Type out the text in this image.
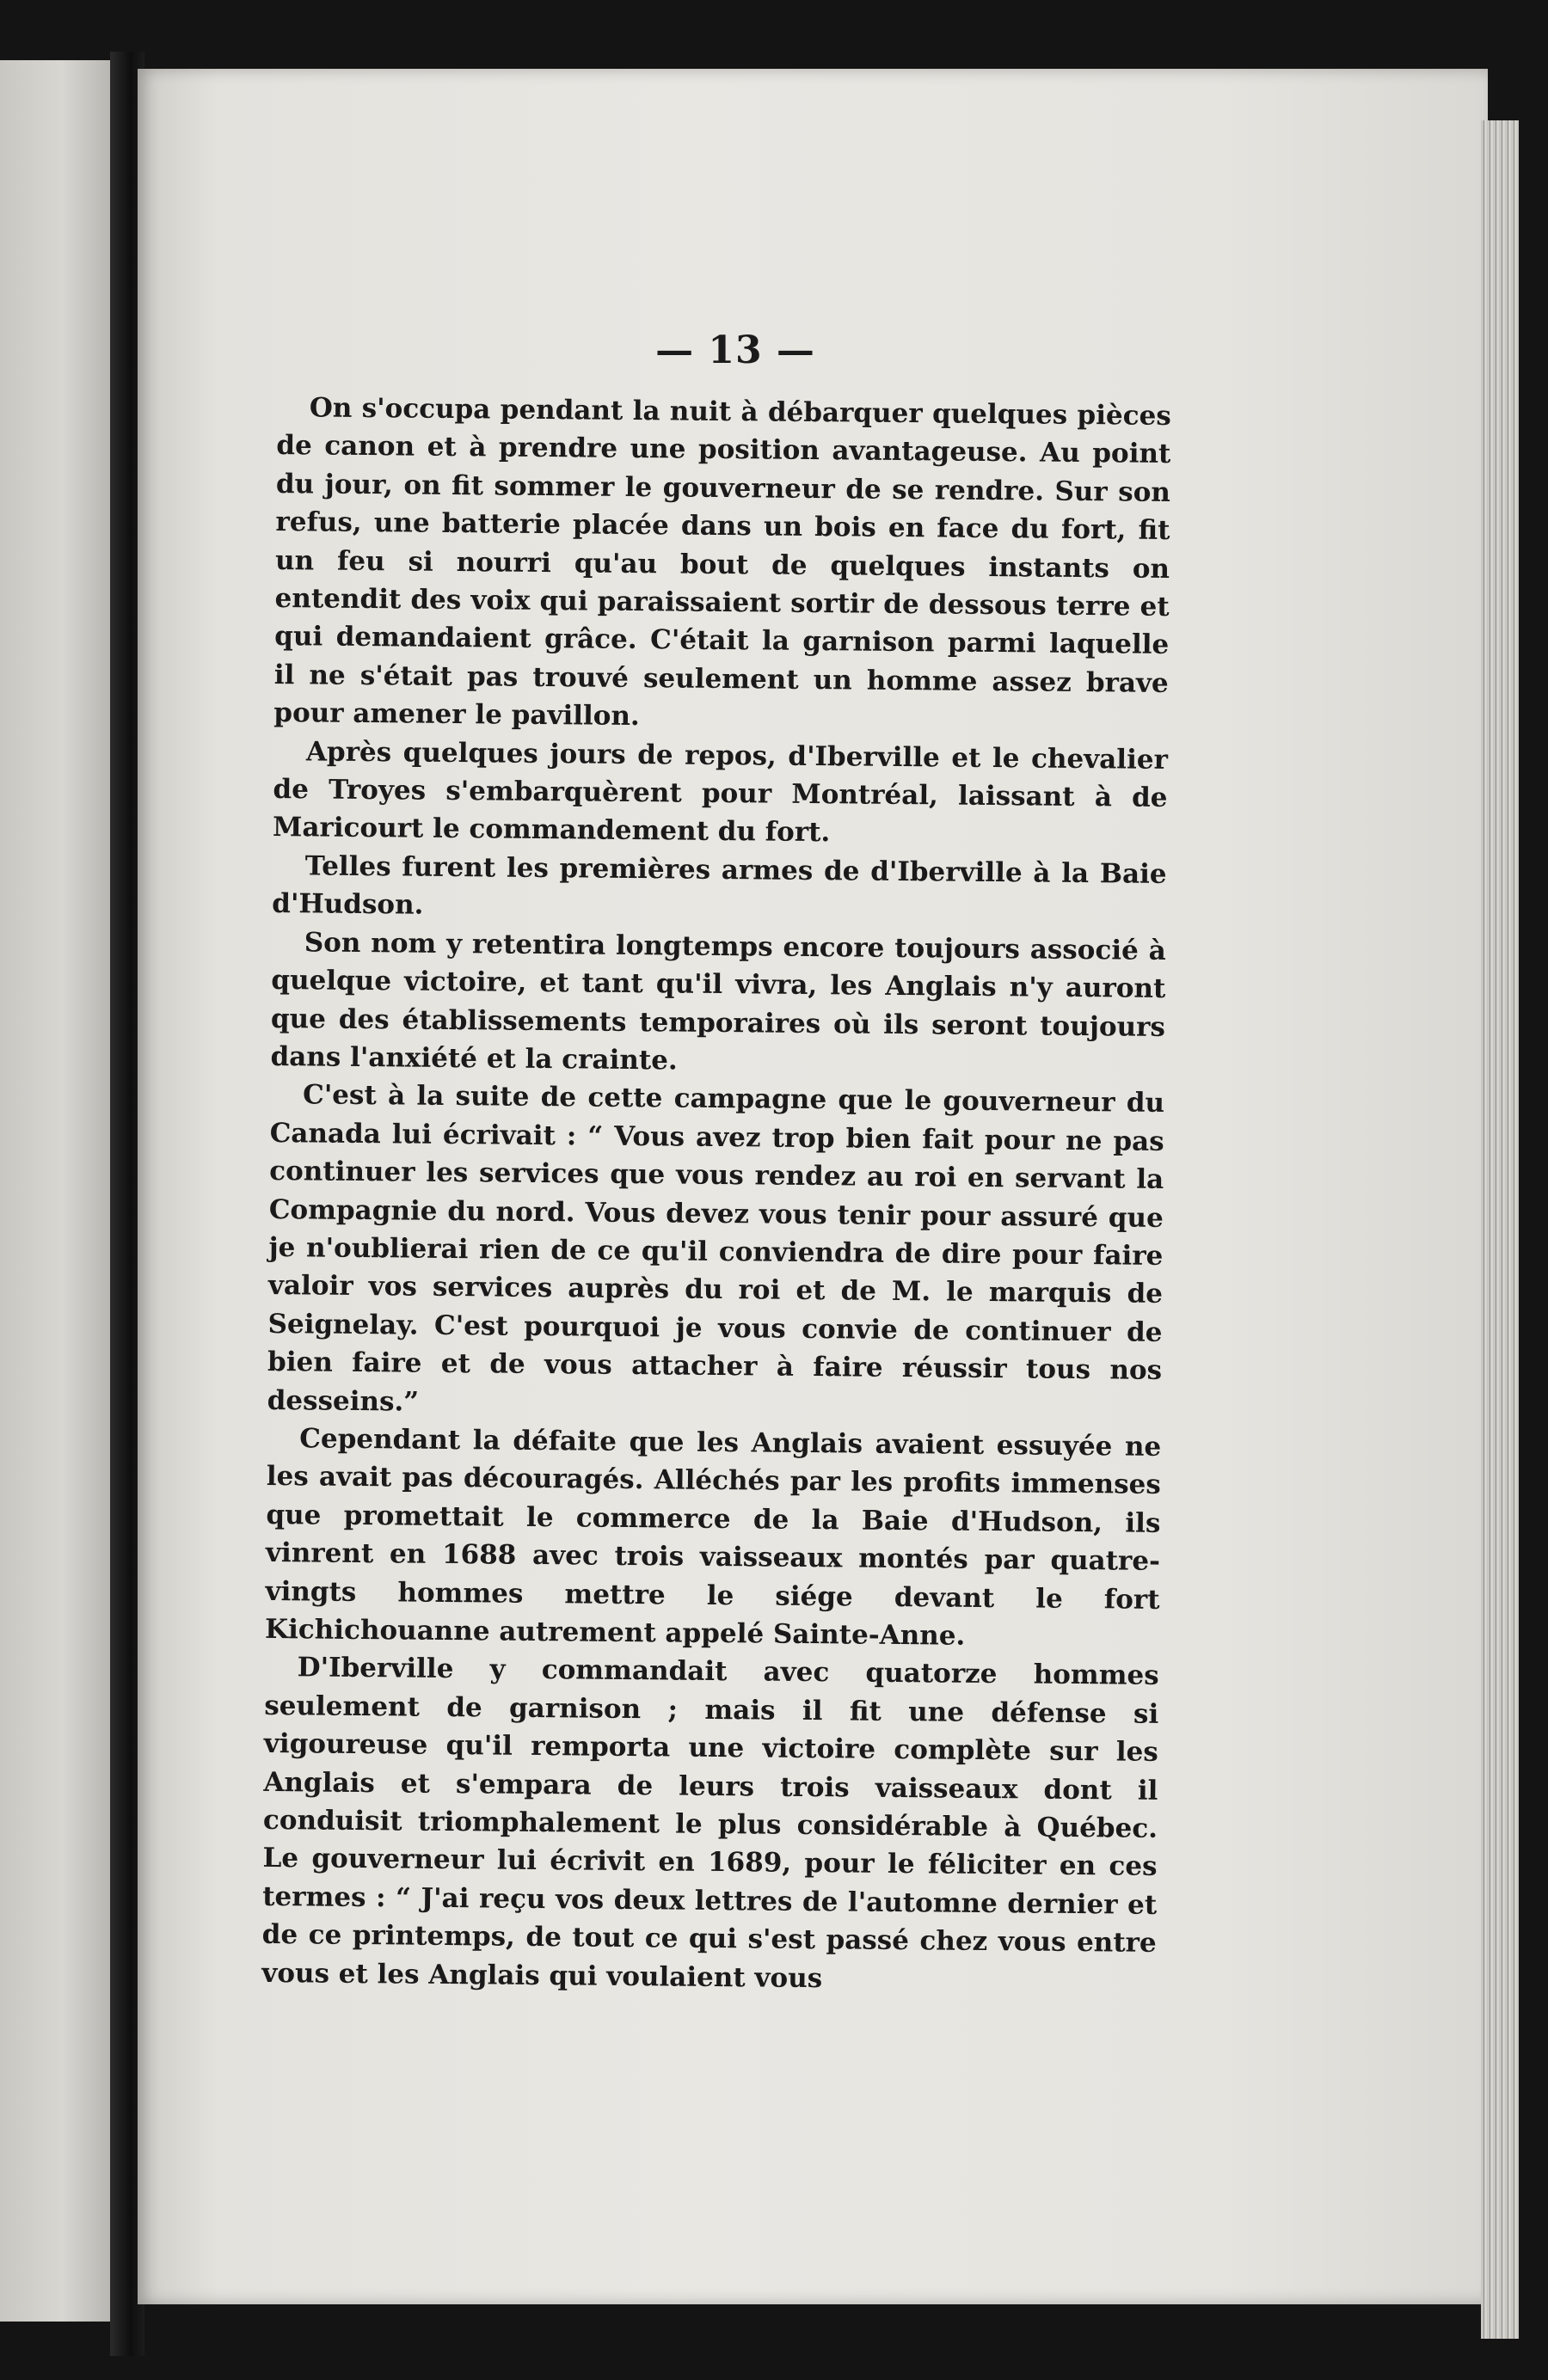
— 13 —

On s'occupa pendant la nuit à débarquer quelques pièces de canon et à prendre une position avantageuse. Au point du jour, on fit sommer le gouverneur de se rendre. Sur son refus, une batterie placée dans un bois en face du fort, fit un feu si nourri qu'au bout de quelques instants on entendit des voix qui paraissaient sortir de dessous terre et qui demandaient grâce. C'était la garnison parmi laquelle il ne s'était pas trouvé seulement un homme assez brave pour amener le pavillon.

Après quelques jours de repos, d'Iberville et le chevalier de Troyes s'embarquèrent pour Montréal, laissant à de Maricourt le commandement du fort.

Telles furent les premières armes de d'Iberville à la Baie d'Hudson.

Son nom y retentira longtemps encore toujours associé à quelque victoire, et tant qu'il vivra, les Anglais n'y auront que des établissements temporaires où ils seront toujours dans l'anxiété et la crainte.

C'est à la suite de cette campagne que le gouverneur du Canada lui écrivait : “ Vous avez trop bien fait pour ne pas continuer les services que vous rendez au roi en servant la Compagnie du nord. Vous devez vous tenir pour assuré que je n'oublierai rien de ce qu'il conviendra de dire pour faire valoir vos services auprès du roi et de M. le marquis de Seignelay. C'est pourquoi je vous convie de continuer de bien faire et de vous attacher à faire réussir tous nos desseins.”

Cependant la défaite que les Anglais avaient essuyée ne les avait pas découragés. Alléchés par les profits immenses que promettait le commerce de la Baie d'Hudson, ils vinrent en 1688 avec trois vaisseaux montés par quatre-vingts hommes mettre le siége devant le fort Kichichouanne autrement appelé Sainte-Anne.

D'Iberville y commandait avec quatorze hommes seulement de garnison ; mais il fit une défense si vigoureuse qu'il remporta une victoire complète sur les Anglais et s'empara de leurs trois vaisseaux dont il conduisit triomphalement le plus considérable à Québec. Le gouverneur lui écrivit en 1689, pour le féliciter en ces termes : “ J'ai reçu vos deux lettres de l'automne dernier et de ce printemps, de tout ce qui s'est passé chez vous entre vous et les Anglais qui voulaient vous
